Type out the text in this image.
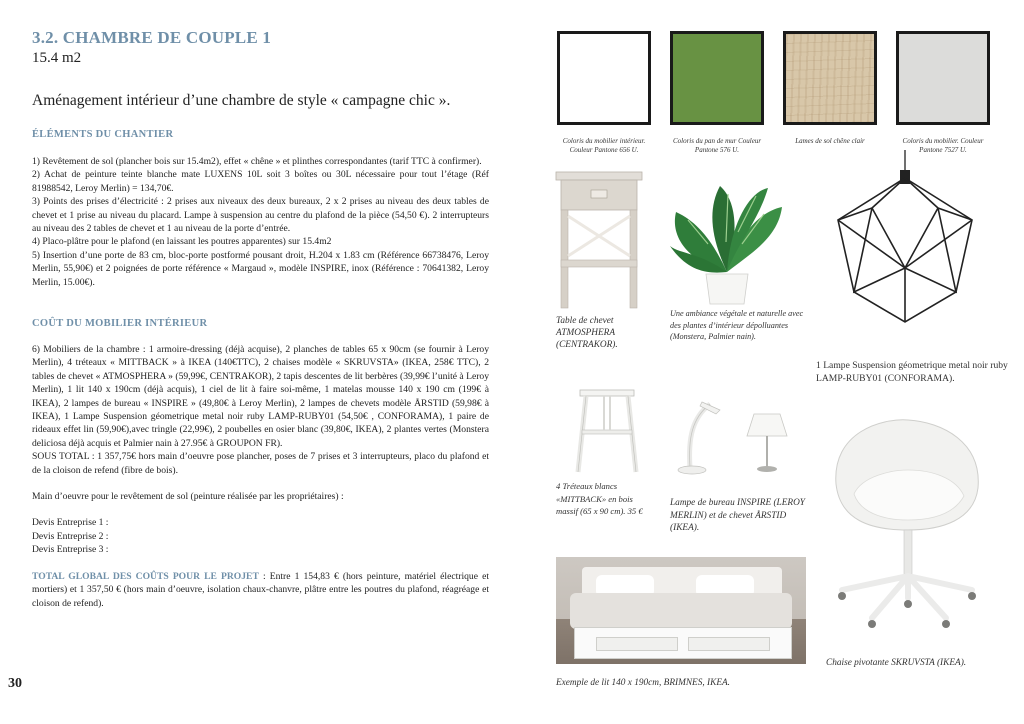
3.2. CHAMBRE DE COUPLE 1
15.4 m2
Aménagement intérieur d’une chambre de style « campagne chic ».
ÉLÉMENTS DU CHANTIER

1) Revêtement de sol (plancher bois sur 15.4m2), effet « chêne » et plinthes correspondantes (tarif TTC à confirmer).

2) Achat de peinture teinte blanche mate LUXENS 10L soit 3 boîtes ou 30L nécessaire pour tout l’étage (Réf 81988542, Leroy Merlin) = 134,70€.

3) Points des prises d’électricité : 2 prises aux niveaux des deux bureaux, 2 x 2 prises au niveau des deux tables de chevet et 1 prise au niveau du placard. Lampe à suspension au centre du plafond de la pièce (54,50 €). 2 interrupteurs au niveau des 2 tables de chevet et 1 au niveau de la porte d’entrée.

4) Placo-plâtre pour le plafond (en laissant les poutres apparentes) sur 15.4m2

5) Insertion d’une porte de 83 cm, bloc-porte postformé pousant droit, H.204 x 1.83 cm (Référence 66738476, Leroy Merlin, 55,90€) et 2 poignées de porte référence « Margaud », modèle INSPIRE, inox (Référence : 70641382, Leroy Merlin, 15.00€).

COÛT DU MOBILIER INTÉRIEUR

6) Mobiliers de la chambre : 1 armoire-dressing (déjà acquise), 2 planches de tables 65 x 90cm (se fournir à Leroy Merlin), 4 tréteaux « MITTBACK » à IKEA (140€TTC), 2 chaises modèle « SKRUVSTA» (IKEA, 258€ TTC), 2 tables de chevet « ATMOSPHERA » (59,99€, CENTRAKOR), 2 tapis descentes de lit berbères (39,99€ l’unité à Leroy Merlin), 1 lit 140 x 190cm (déjà acquis), 1 ciel de lit à faire soi-même, 1 matelas mousse 140 x 190 cm (199€ à IKEA), 2 lampes de bureau « INSPIRE » (49,80€ à Leroy Merlin), 2 lampes de chevets modèle ÅRSTID (59,98€ à IKEA), 1 Lampe Suspension géometrique metal noir ruby LAMP-RUBY01 (54,50€ , CONFORAMA), 1 paire de rideaux effet lin (59,90€),avec tringle (22,99€), 2 poubelles en osier blanc (39,80€, IKEA), 2 plantes vertes (Monstera deliciosa déjà acquis et Palmier nain à 27.95€ à GROUPON FR).

SOUS TOTAL : 1 357,75€ hors main d’oeuvre pose plancher, poses de 7 prises et 3 interrupteurs, placo du plafond et de la cloison de refend (fibre de bois).

Main d’oeuvre pour le revêtement de sol (peinture réalisée par les propriétaires) :

Devis Entreprise 1 :

Devis Entreprise 2 :

Devis Entreprise 3 :

TOTAL GLOBAL DES COÛTS POUR LE PROJET : Entre 1 154,83 € (hors peinture, matériel électrique et mortiers) et 1 357,50 € (hors main d’oeuvre, isolation chaux-chanvre, plâtre entre les poutres du plafond, réagréage et cloison de refend).

30
Coloris du mobilier intérieur. Couleur Pantone 656 U.
Coloris du pan de mur Couleur Pantone 576 U.
Lames de sol chêne clair	Coloris du mobilier. Couleur Pantone 7527 U.
Table de chevet ATMOSPHERA (CENTRAKOR).
Une ambiance végétale et naturelle avec des plantes d’intérieur dépolluantes (Monstera, Palmier nain).
1 Lampe Suspension géometrique metal noir ruby LAMP-RUBY01 (CONFORAMA).
4 Tréteaux blancs «MITTBACK» en bois massif (65 x 90 cm). 35 €
Lampe de bureau INSPIRE (LEROY MERLIN) et de chevet ÅRSTID (IKEA).
Exemple de lit 140 x 190cm, BRIMNES, IKEA.
Chaise pivotante SKRUVSTA (IKEA).
